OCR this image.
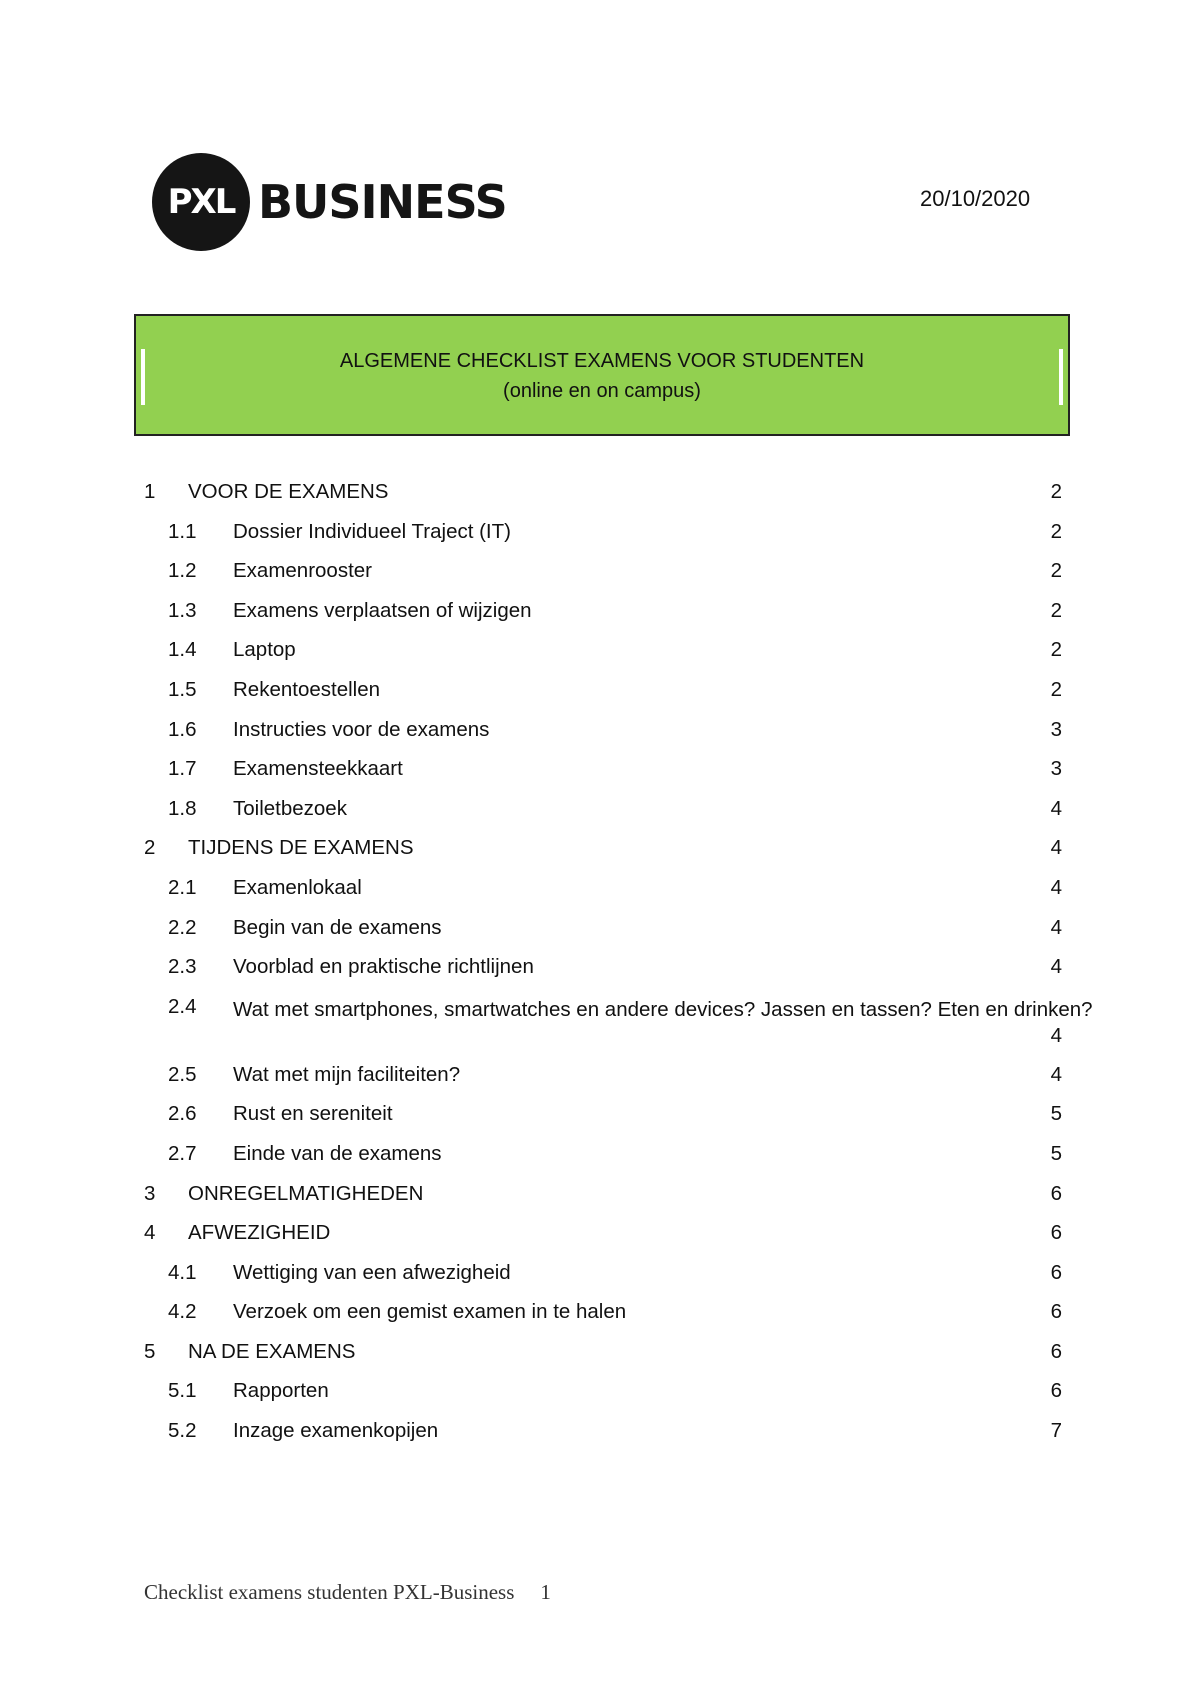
PXL BUSINESS	20/10/2020
ALGEMENE CHECKLIST EXAMENS VOOR STUDENTEN
(online en on campus)
1 VOOR DE EXAMENS	2
1.1 Dossier Individueel Traject (IT)	2
1.2 Examenrooster	2
1.3 Examens verplaatsen of wijzigen	2
1.4 Laptop	2
1.5 Rekentoestellen	2
1.6 Instructies voor de examens	3
1.7 Examensteekkaart	3
1.8 Toiletbezoek	4
2 TIJDENS DE EXAMENS	4
2.1 Examenlokaal	4
2.2 Begin van de examens	4
2.3 Voorblad en praktische richtlijnen	4
2.4 Wat met smartphones, smartwatches en andere devices? Jassen en tassen? Eten en drinken?
4
2.5 Wat met mijn faciliteiten?	4
2.6 Rust en sereniteit	5
2.7 Einde van de examens	5
3 ONREGELMATIGHEDEN	6
4 AFWEZIGHEID	6
4.1 Wettiging van een afwezigheid	6
4.2 Verzoek om een gemist examen in te halen	6
5 NA DE EXAMENS	6
5.1 Rapporten	6
5.2 Inzage examenkopijen	7
Checklist examens studenten PXL-Business 1
